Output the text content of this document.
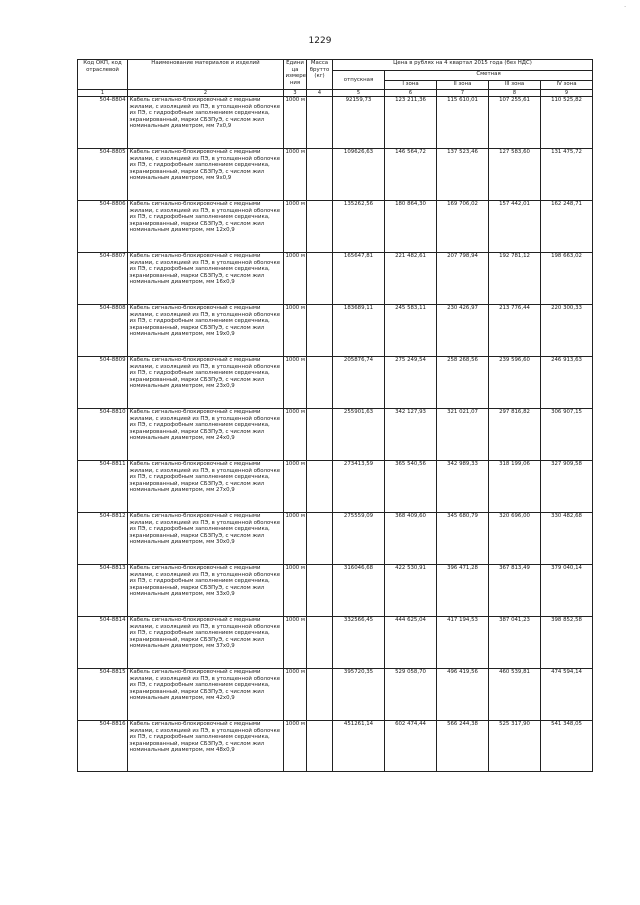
.
1229
Код ОКП, код отраслевой	Наименование материалов и изделий	Едини ца измере ния	Масса брутто (кг)	Цена в рублях на 4 квартал 2015 года (без НДС)				
				отпускная	Сметная			
					I зона	II зона	III зона	IV зона

1	2	3	4	5	6	7	8	9
504-8804	Кабель сигнально-блокировочный с медными жилами, с изоляцией из ПЭ, в утолщенной оболочке из ПЭ, с гидрофобным заполнением сердечника, экранированный, марки СБЗПуЭ, с числом жил номинальным диаметром, мм 7х0,9	1000 м		92159,73	123 211,36	115 610,01	107 255,61	110 525,82
504-8805	Кабель сигнально-блокировочный с медными жилами, с изоляцией из ПЭ, в утолщенной оболочке из ПЭ, с гидрофобным заполнением сердечника, экранированный, марки СБЗПуЭ, с числом жил номинальным диаметром, мм 9х0,9	1000 м		109626,63	146 564,72	137 523,46	127 583,60	131 475,72
504-8806	Кабель сигнально-блокировочный с медными жилами, с изоляцией из ПЭ, в утолщенной оболочке из ПЭ, с гидрофобным заполнением сердечника, экранированный, марки СБЗПуЭ, с числом жил номинальным диаметром, мм 12х0,9	1000 м		135262,56	180 864,30	169 706,02	157 442,01	162 248,71
504-8807	Кабель сигнально-блокировочный с медными жилами, с изоляцией из ПЭ, в утолщенной оболочке из ПЭ, с гидрофобным заполнением сердечника, экранированный, марки СБЗПуЭ, с числом жил номинальным диаметром, мм 16х0,9	1000 м		165647,81	221 482,61	207 798,94	192 781,12	198 663,02
504-8808	Кабель сигнально-блокировочный с медными жилами, с изоляцией из ПЭ, в утолщенной оболочке из ПЭ, с гидрофобным заполнением сердечника, экранированный, марки СБЗПуЭ, с числом жил номинальным диаметром, мм 19х0,9	1000 м		183689,11	245 583,11	230 426,97	213 776,44	220 300,33
504-8809	Кабель сигнально-блокировочный с медными жилами, с изоляцией из ПЭ, в утолщенной оболочке из ПЭ, с гидрофобным заполнением сердечника, экранированный, марки СБЗПуЭ, с числом жил номинальным диаметром, мм 23х0,9	1000 м		205876,74	275 249,54	258 268,56	239 596,60	246 913,63
504-8810	Кабель сигнально-блокировочный с медными жилами, с изоляцией из ПЭ, в утолщенной оболочке из ПЭ, с гидрофобным заполнением сердечника, экранированный, марки СБЗПуЭ, с числом жил номинальным диаметром, мм 24х0,9	1000 м		255901,63	342 127,93	321 021,07	297 816,82	306 907,15
504-8811	Кабель сигнально-блокировочный с медными жилами, с изоляцией из ПЭ, в утолщенной оболочке из ПЭ, с гидрофобным заполнением сердечника, экранированный, марки СБЗПуЭ, с числом жил номинальным диаметром, мм 27х0,9	1000 м		273413,59	365 540,56	342 989,33	318 199,06	327 909,58
504-8812	Кабель сигнально-блокировочный с медными жилами, с изоляцией из ПЭ, в утолщенной оболочке из ПЭ, с гидрофобным заполнением сердечника, экранированный, марки СБЗПуЭ, с числом жил номинальным диаметром, мм 30х0,9	1000 м		275559,09	368 409,60	345 680,79	320 696,00	330 482,68
504-8813	Кабель сигнально-блокировочный с медными жилами, с изоляцией из ПЭ, в утолщенной оболочке из ПЭ, с гидрофобным заполнением сердечника, экранированный, марки СБЗПуЭ, с числом жил номинальным диаметром, мм 33х0,9	1000 м		316046,68	422 530,91	396 471,28	367 813,49	379 040,14
504-8814	Кабель сигнально-блокировочный с медными жилами, с изоляцией из ПЭ, в утолщенной оболочке из ПЭ, с гидрофобным заполнением сердечника, экранированный, марки СБЗПуЭ, с числом жил номинальным диаметром, мм 37х0,9	1000 м		332566,45	444 625,04	417 194,53	387 041,23	398 852,58
504-8815	Кабель сигнально-блокировочный с медными жилами, с изоляцией из ПЭ, в утолщенной оболочке из ПЭ, с гидрофобным заполнением сердечника, экранированный, марки СБЗПуЭ, с числом жил номинальным диаметром, мм 42х0,9	1000 м		395720,35	529 058,70	496 419,56	460 539,81	474 594,14
504-8816	Кабель сигнально-блокировочный с медными жилами, с изоляцией из ПЭ, в утолщенной оболочке из ПЭ, с гидрофобным заполнением сердечника, экранированный, марки СБЗПуЭ, с числом жил номинальным диаметром, мм 48х0,9	1000 м		451261,14	602 474,44	566 244,38	525 317,90	541 348,05
